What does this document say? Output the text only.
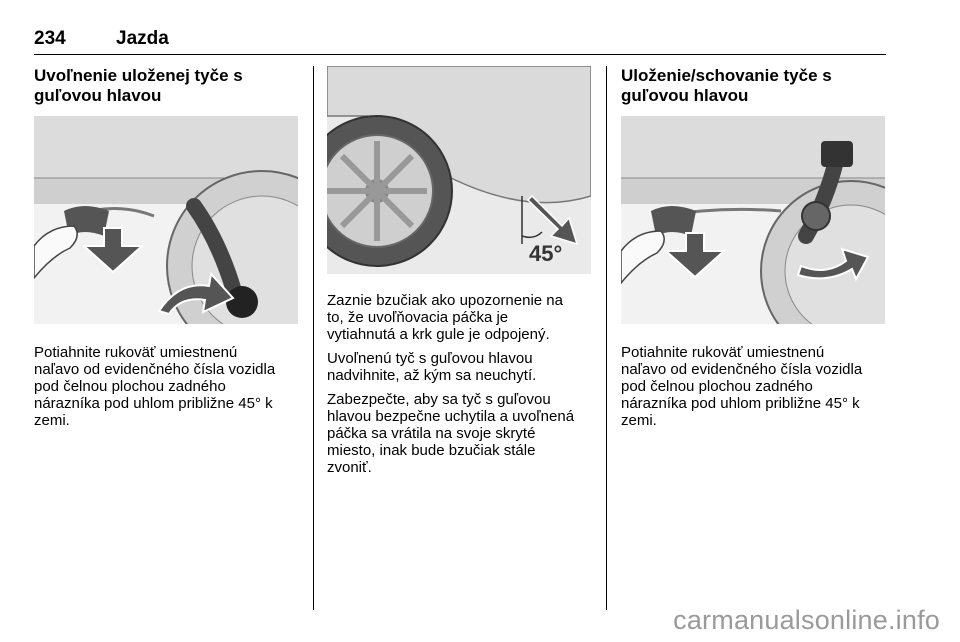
234	Jazda
Uvoľnenie uloženej tyče s
guľovou hlavou
Potiahnite rukoväť umiestnenú
naľavo od evidenčného čísla vozidla
pod čelnou plochou zadného
nárazníka pod uhlom približne 45° k
zemi.
45°
Zaznie bzučiak ako upozornenie na
to, že uvoľňovacia páčka je
vytiahnutá a krk gule je odpojený.
Uvoľnenú tyč s guľovou hlavou
nadvihnite, až kým sa neuchytí.
Zabezpečte, aby sa tyč s guľovou
hlavou bezpečne uchytila a uvoľnená
páčka sa vrátila na svoje skryté
miesto, inak bude bzučiak stále
zvoniť.
Uloženie/schovanie tyče s
guľovou hlavou
Potiahnite rukoväť umiestnenú
naľavo od evidenčného čísla vozidla
pod čelnou plochou zadného
nárazníka pod uhlom približne 45° k
zemi.
carmanualsonline.info
